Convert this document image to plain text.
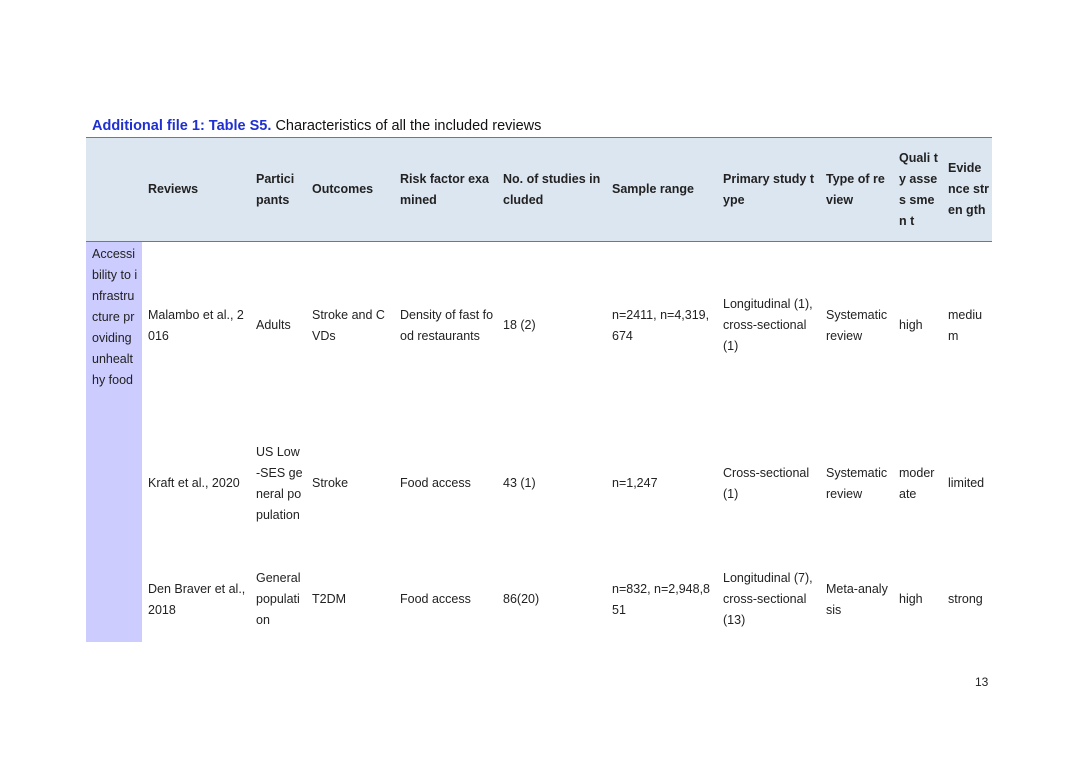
Additional file 1: Table S5. Characteristics of all the included reviews
	Reviews	Partici pants	Outcomes	Risk factor examined	No. of studies included	Sample range	Primary study type	Type of review	Quali ty asses smen t	Evide nce stren gth
Accessibility to infrastructure providing unhealthy food	Malambo et al., 2016	Adults	Stroke and CVDs	Density of fast food restaurants	18 (2)	n=2411, n=4,319,674	Longitudinal (1), cross-sectional (1)	Systematic review	high	medium
	Kraft et al., 2020	US Low-SES general population	Stroke	Food access	43 (1)	n=1,247	Cross-sectional (1)	Systematic review	moderate	limited
	Den Braver et al., 2018	General population	T2DM	Food access	86(20)	n=832, n=2,948,851	Longitudinal (7), cross-sectional (13)	Meta-analysis	high	strong
13
